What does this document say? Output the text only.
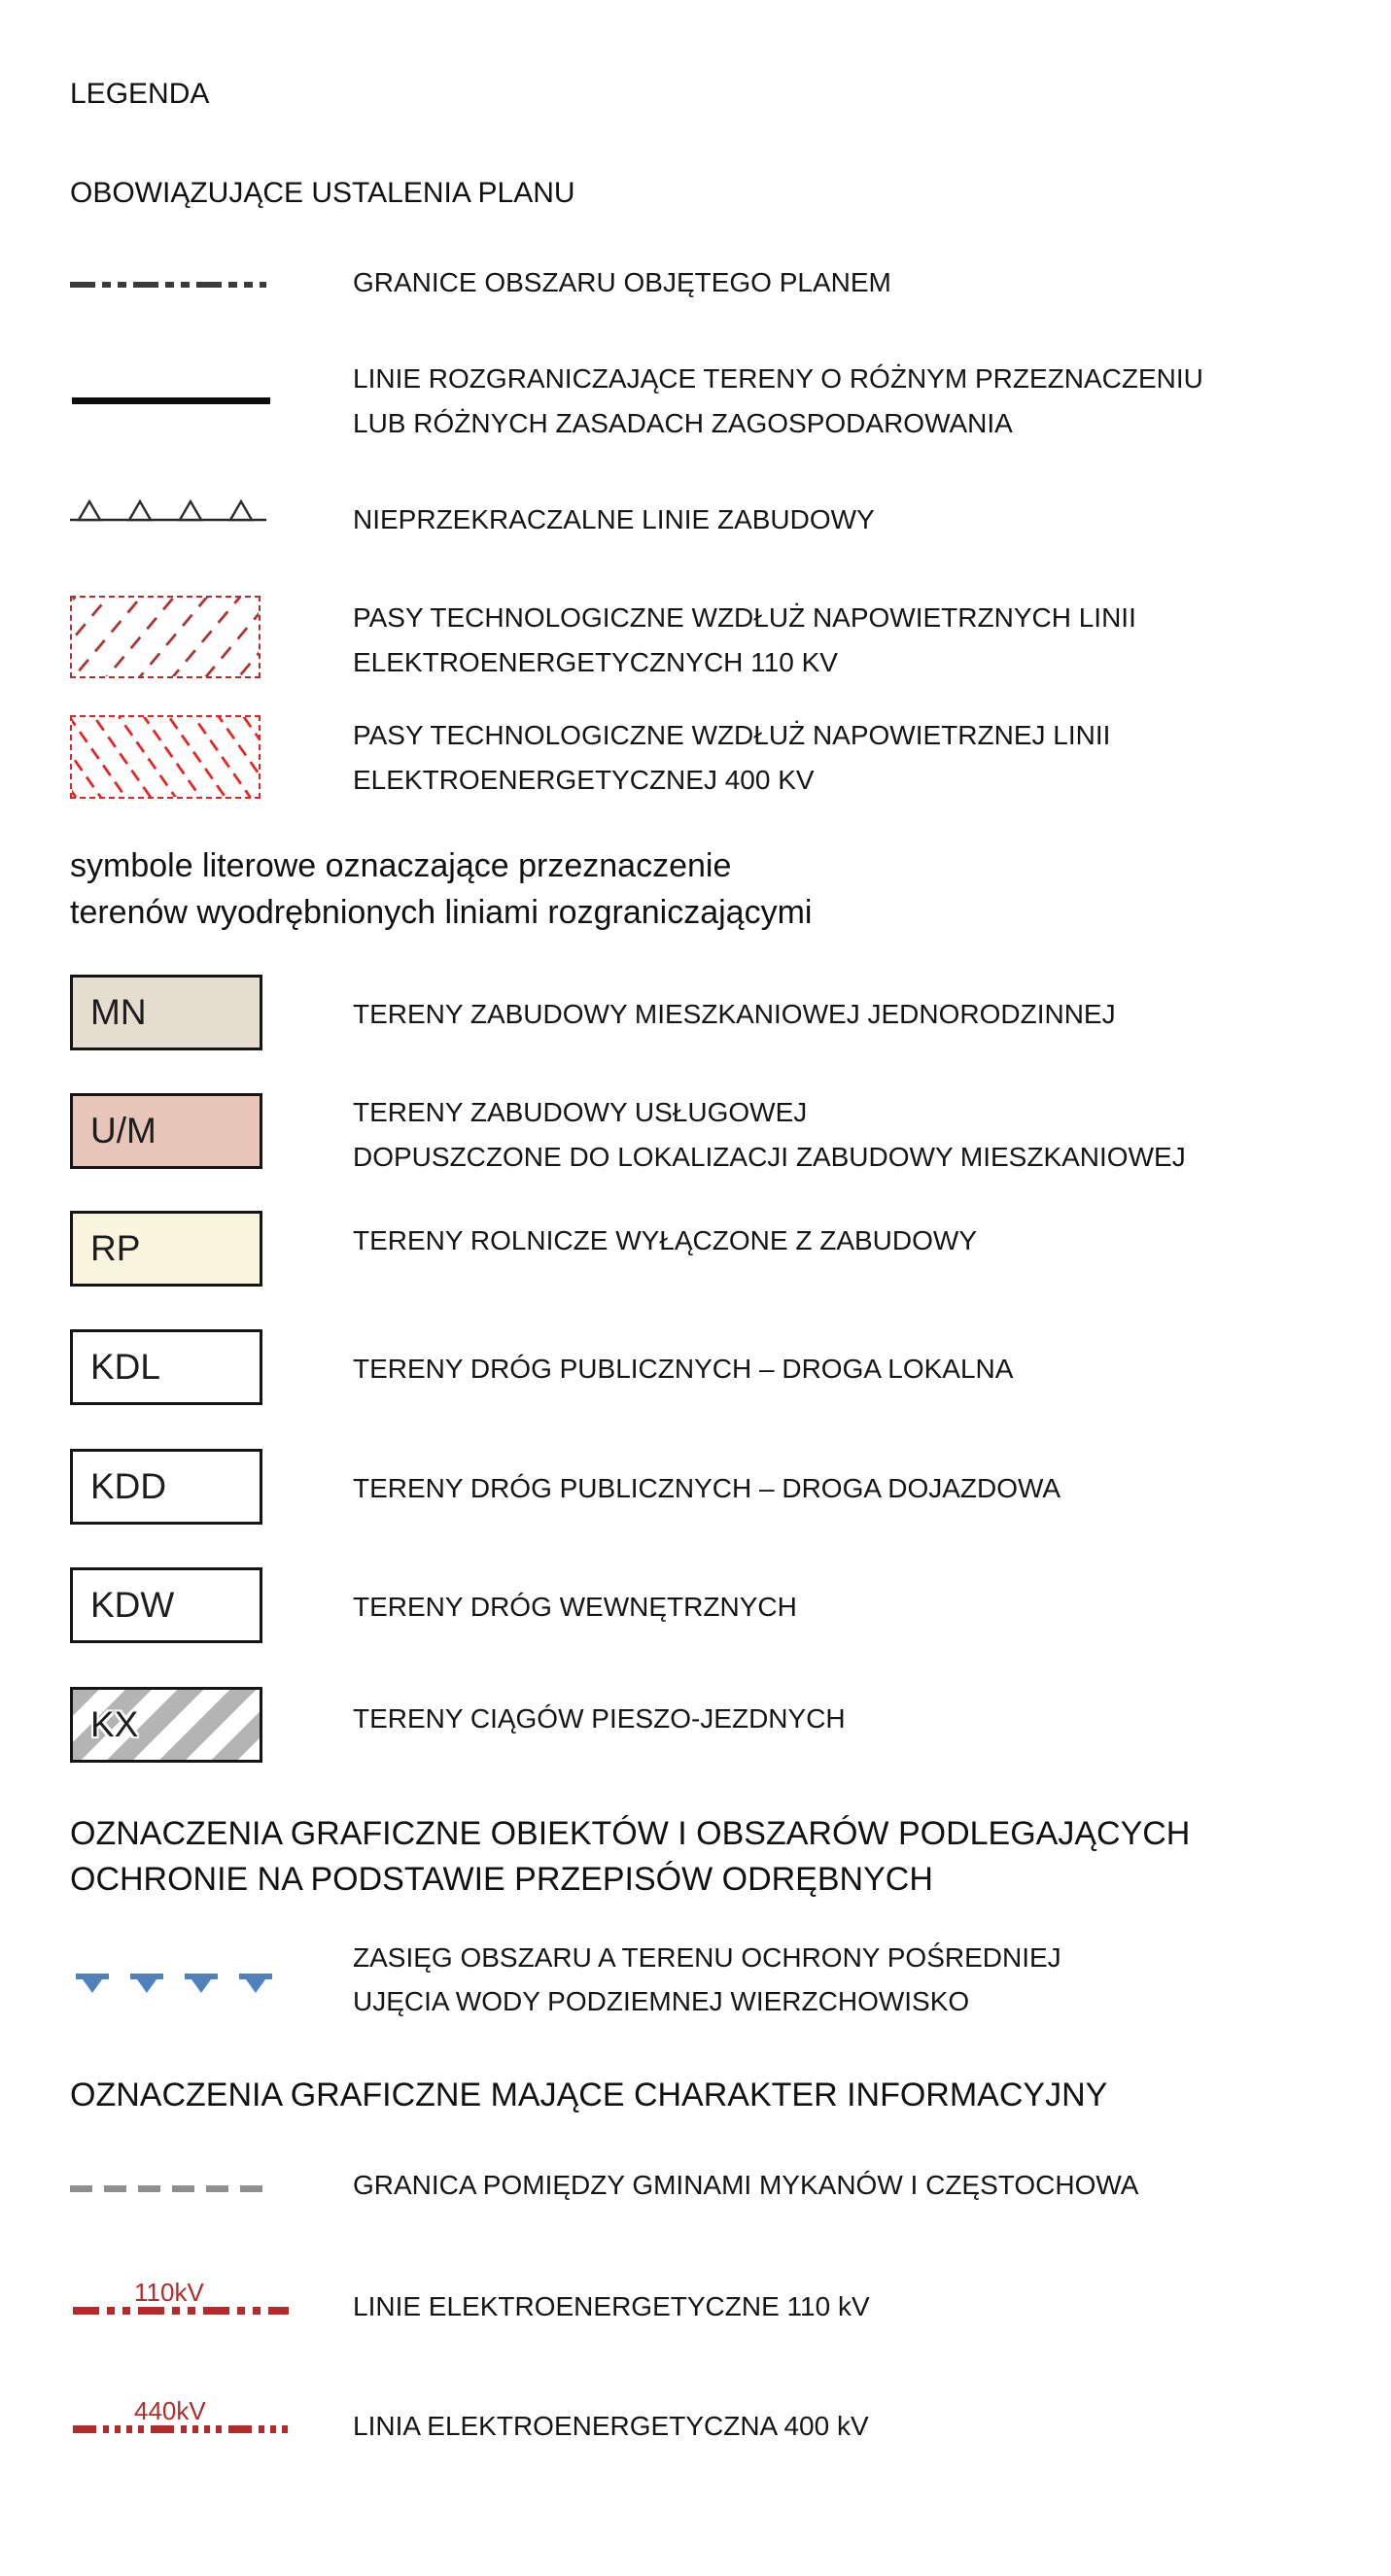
LEGENDA
OBOWIĄZUJĄCE USTALENIA PLANU
GRANICE OBSZARU OBJĘTEGO PLANEM
LINIE ROZGRANICZAJĄCE TERENY O RÓŻNYM PRZEZNACZENIU
LUB RÓŻNYCH ZASADACH ZAGOSPODAROWANIA
NIEPRZEKRACZALNE LINIE ZABUDOWY
PASY TECHNOLOGICZNE WZDŁUŻ NAPOWIETRZNYCH LINII
ELEKTROENERGETYCZNYCH 110 KV
PASY TECHNOLOGICZNE WZDŁUŻ NAPOWIETRZNEJ LINII
ELEKTROENERGETYCZNEJ 400 KV
symbole literowe oznaczające przeznaczenie
terenów wyodrębnionych liniami rozgraniczającymi
MN	TERENY ZABUDOWY MIESZKANIOWEJ JEDNORODZINNEJ
U/M	TERENY ZABUDOWY USŁUGOWEJ
DOPUSZCZONE DO LOKALIZACJI ZABUDOWY MIESZKANIOWEJ
RP	TERENY ROLNICZE WYŁĄCZONE Z ZABUDOWY
KDL	TERENY DRÓG PUBLICZNYCH – DROGA LOKALNA
KDD	TERENY DRÓG PUBLICZNYCH – DROGA DOJAZDOWA
KDW	TERENY DRÓG WEWNĘTRZNYCH
KX	TERENY CIĄGÓW PIESZO-JEZDNYCH
OZNACZENIA GRAFICZNE OBIEKTÓW I OBSZARÓW PODLEGAJĄCYCH
OCHRONIE NA PODSTAWIE PRZEPISÓW ODRĘBNYCH
ZASIĘG OBSZARU A TERENU OCHRONY POŚREDNIEJ
UJĘCIA WODY PODZIEMNEJ WIERZCHOWISKO
OZNACZENIA GRAFICZNE MAJĄCE CHARAKTER INFORMACYJNY
GRANICA POMIĘDZY GMINAMI MYKANÓW I CZĘSTOCHOWA
110kV	LINIE ELEKTROENERGETYCZNE 110 kV
440kV	LINIA ELEKTROENERGETYCZNA 400 kV
